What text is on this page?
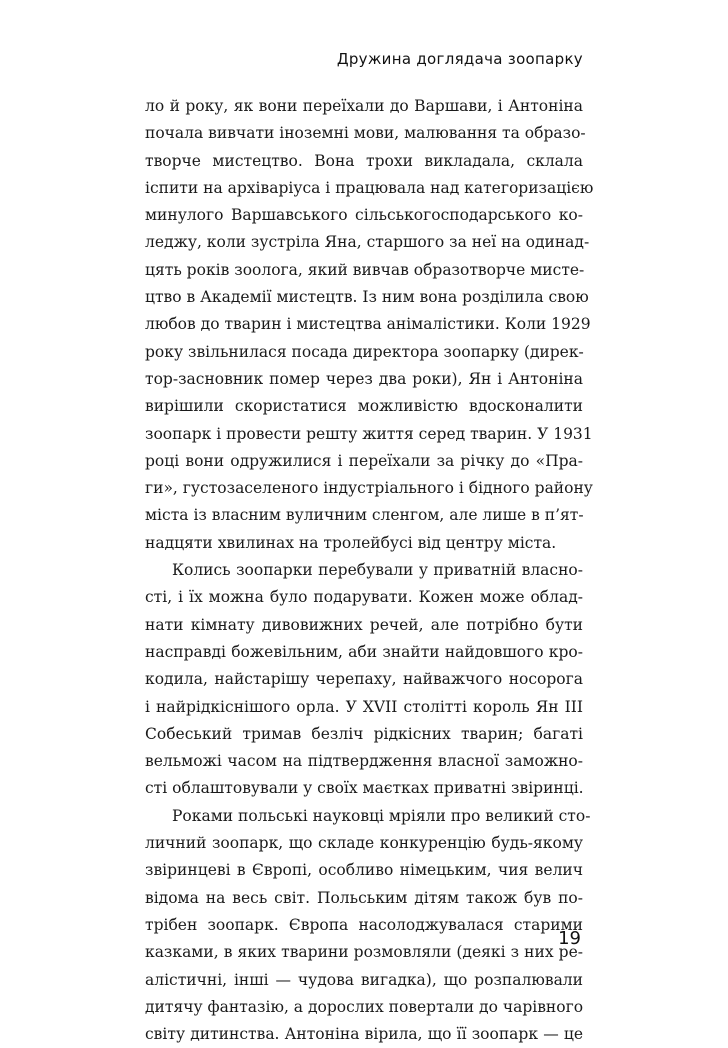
Дружина доглядача зоопарку
ло й року, як вони переїхали до Варшави, і Антоніна
почала вивчати іноземні мови, малювання та образо-
творче мистецтво. Вона трохи викладала, склала
іспити на архіваріуса і працювала над категоризацією
минулого Варшавського сільськогосподарського ко-
леджу, коли зустріла Яна, старшого за неї на одинад-
цять років зоолога, який вивчав образотворче мисте-
цтво в Академії мистецтв. Із ним вона розділила свою
любов до тварин і мистецтва анімалістики. Коли 1929
року звільнилася посада директора зоопарку (дирек-
тор-засновник помер через два роки), Ян і Антоніна
вирішили скористатися можливістю вдосконалити
зоопарк і провести решту життя серед тварин. У 1931
році вони одружилися і переїхали за річку до «Пра-
ги», густозаселеного індустріального і бідного району
міста із власним вуличним сленгом, але лише в п’ят-
надцяти хвилинах на тролейбусі від центру міста.
Колись зоопарки перебували у приватній власно-
сті, і їх можна було подарувати. Кожен може облад-
нати кімнату дивовижних речей, але потрібно бути
насправді божевільним, аби знайти найдовшого кро-
кодила, найстарішу черепаху, найважчого носорога
і найрідкіснішого орла. У XVII столітті король Ян III
Собеський тримав безліч рідкісних тварин; багаті
вельможі часом на підтвердження власної заможно-
сті облаштовували у своїх маєтках приватні звіринці.
Роками польські науковці мріяли про великий сто-
личний зоопарк, що складе конкуренцію будь-якому
звіринцеві в Європі, особливо німецьким, чия велич
відома на весь світ. Польським дітям також був по-
трібен зоопарк. Європа насолоджувалася старими
казками, в яких тварини розмовляли (деякі з них ре-
алістичні, інші — чудова вигадка), що розпалювали
дитячу фантазію, а дорослих повертали до чарівного
світу дитинства. Антоніна вірила, що її зоопарк — це
19
